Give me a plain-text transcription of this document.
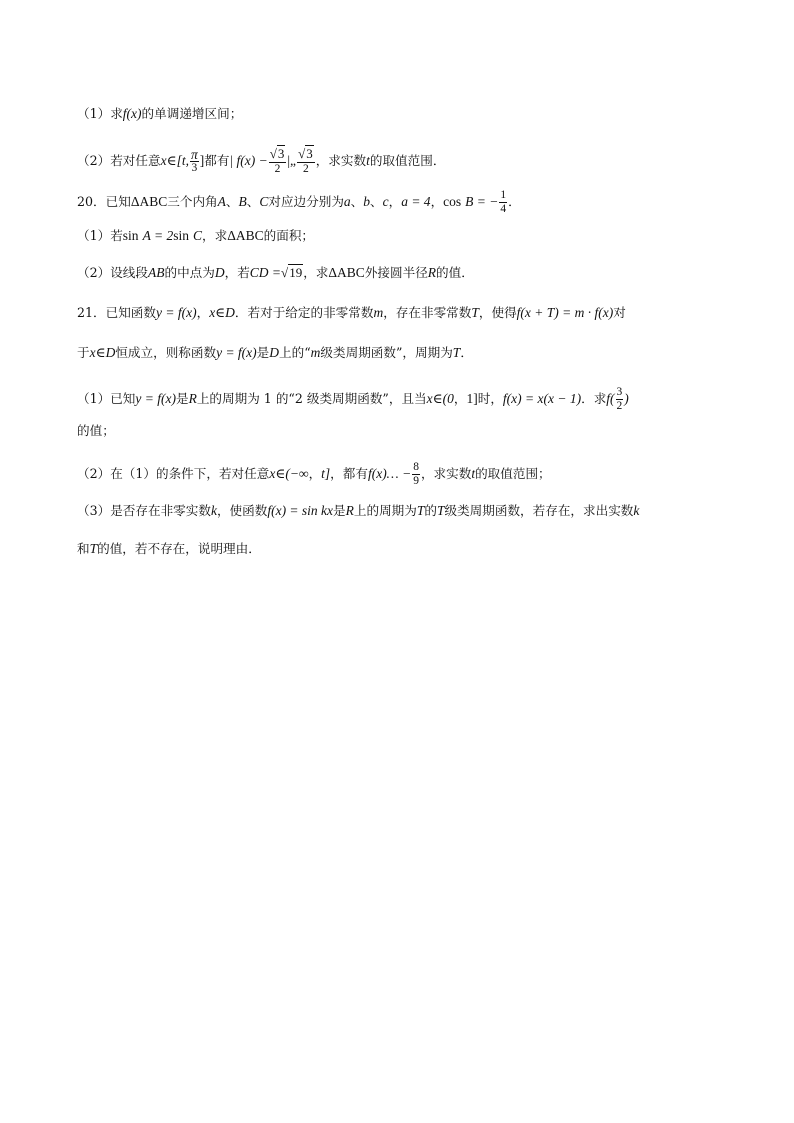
（1）求f(x)的单调递增区间；
（2）若对任意x∈[t, $\frac{\pi}{3}$ ]都有| $f(x) - \frac{√3}{2}$ |„ $\frac{√3}{2}$ ，求实数t的取值范围．
20．已知ΔABC三个内角A、B、C对应边分别为a、b、c，a = 4，cos B = − $\frac{1}{4}$ ．
（1）若sin A = 2sin C，求ΔABC的面积；
（2）设线段AB的中点为D，若CD =√19，求ΔABC外接圆半径R的值．
21．已知函数y = f(x)，x∈D．若对于给定的非零常数m，存在非零常数T，使得f(x + T) = m · f(x)对
于x∈D恒成立，则称函数y = f(x)是D上的“m级类周期函数”，周期为T．
（1）已知y = f(x)是R上的周期为 1 的“2 级类周期函数”，且当x∈(0，1]时，f(x) = x(x − 1)．求$f( \frac{3}{2}$ )
的值；
（2）在（1）的条件下，若对任意x∈(−∞，t]，都有f(x)… − $\frac{8}{9}$ ，求实数t的取值范围；
（3）是否存在非零实数k，使函数f(x) = sin kx是R上的周期为T的T级类周期函数，若存在，求出实数k
和T的值，若不存在，说明理由．
